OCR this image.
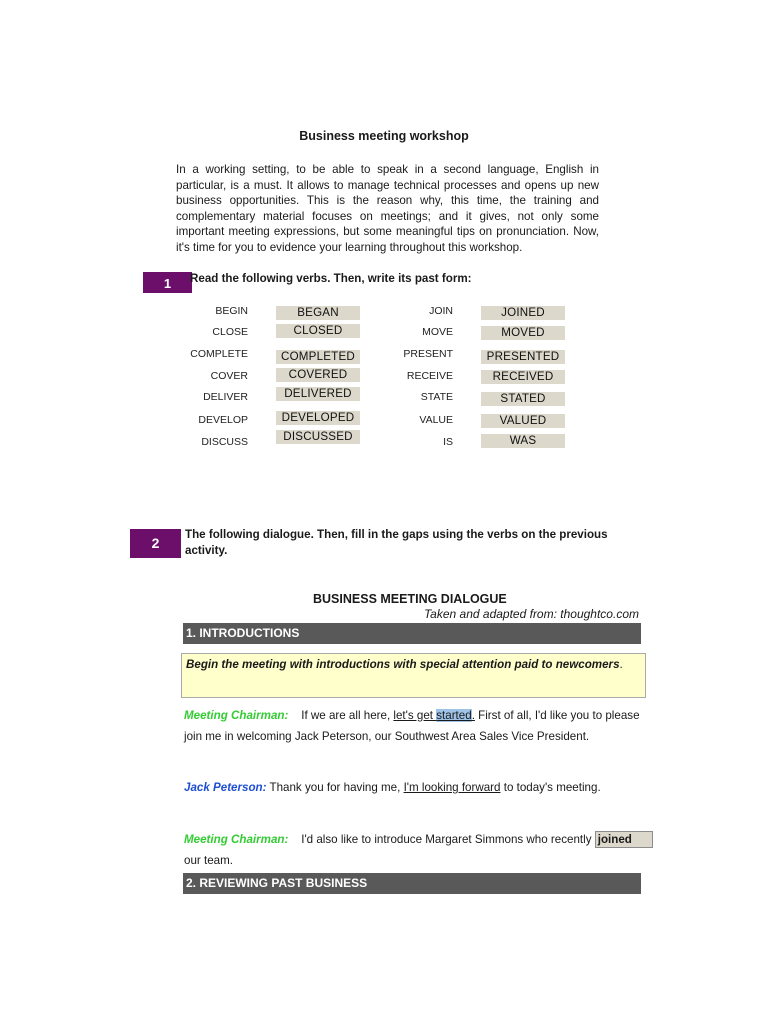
Business meeting workshop
In a working setting, to be able to speak in a second language, English in particular, is a must. It allows to manage technical processes and opens up new business opportunities. This is the reason why, this time, the training and complementary material focuses on meetings; and it gives, not only some important meeting expressions, but some meaningful tips on pronunciation. Now, it's time for you to evidence your learning throughout this workshop.
1	Read the following verbs. Then, write its past form:
BEGIN
CLOSE
COMPLETE
COVER
DELIVER
DEVELOP
DISCUSS
BEGAN
CLOSED
COMPLETED
COVERED
DELIVERED
DEVELOPED
DISCUSSED
JOIN
MOVE
PRESENT
RECEIVE
STATE
VALUE
IS
JOINED
MOVED
PRESENTED
RECEIVED
STATED
VALUED
WAS
2
The following dialogue. Then, fill in the gaps using the verbs on the previous activity.
BUSINESS MEETING DIALOGUE
Taken and adapted from: thoughtco.com
1. INTRODUCTIONS
Begin the meeting with introductions with special attention paid to newcomers.
Meeting Chairman: If we are all here, let's get started. First of all, I'd like you to please join me in welcoming Jack Peterson, our Southwest Area Sales Vice President.
Jack Peterson: Thank you for having me, I'm looking forward to today's meeting.
Meeting Chairman: I'd also like to introduce Margaret Simmons who recently joined
our team.
2. REVIEWING PAST BUSINESS
